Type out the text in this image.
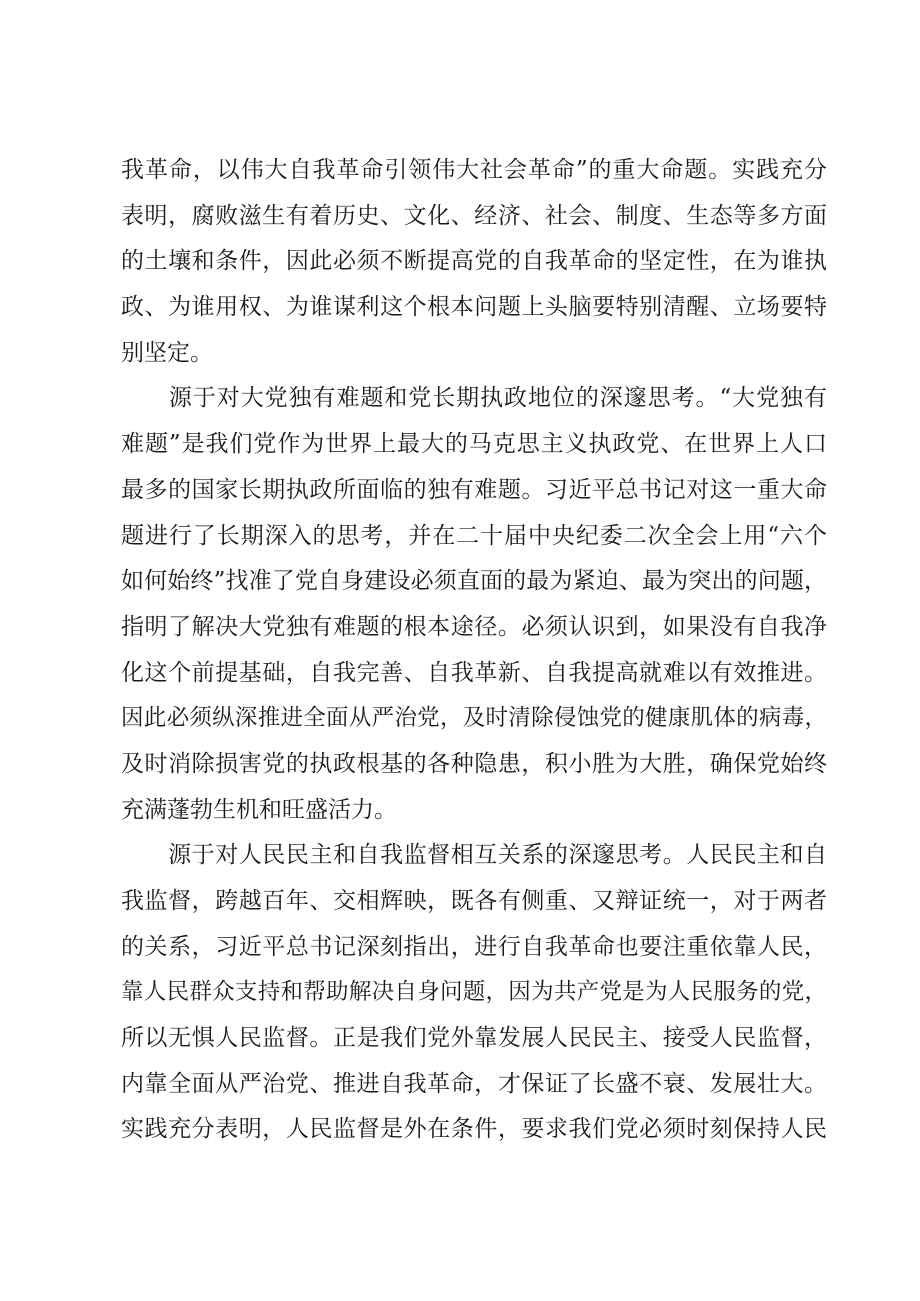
我革命，以伟大自我革命引领伟大社会革命”的重大命题。实践充分
表明，腐败滋生有着历史、文化、经济、社会、制度、生态等多方面
的土壤和条件，因此必须不断提高党的自我革命的坚定性，在为谁执
政、为谁用权、为谁谋利这个根本问题上头脑要特别清醒、立场要特
别坚定。
　　源于对大党独有难题和党长期执政地位的深邃思考。“大党独有
难题”是我们党作为世界上最大的马克思主义执政党、在世界上人口
最多的国家长期执政所面临的独有难题。习近平总书记对这一重大命
题进行了长期深入的思考，并在二十届中央纪委二次全会上用“六个
如何始终”找准了党自身建设必须直面的最为紧迫、最为突出的问题，
指明了解决大党独有难题的根本途径。必须认识到，如果没有自我净
化这个前提基础，自我完善、自我革新、自我提高就难以有效推进。
因此必须纵深推进全面从严治党，及时清除侵蚀党的健康肌体的病毒，
及时消除损害党的执政根基的各种隐患，积小胜为大胜，确保党始终
充满蓬勃生机和旺盛活力。
　　源于对人民民主和自我监督相互关系的深邃思考。人民民主和自
我监督，跨越百年、交相辉映，既各有侧重、又辩证统一，对于两者
的关系，习近平总书记深刻指出，进行自我革命也要注重依靠人民，
靠人民群众支持和帮助解决自身问题，因为共产党是为人民服务的党，
所以无惧人民监督。正是我们党外靠发展人民民主、接受人民监督，
内靠全面从严治党、推进自我革命，才保证了长盛不衰、发展壮大。
实践充分表明，人民监督是外在条件，要求我们党必须时刻保持人民
